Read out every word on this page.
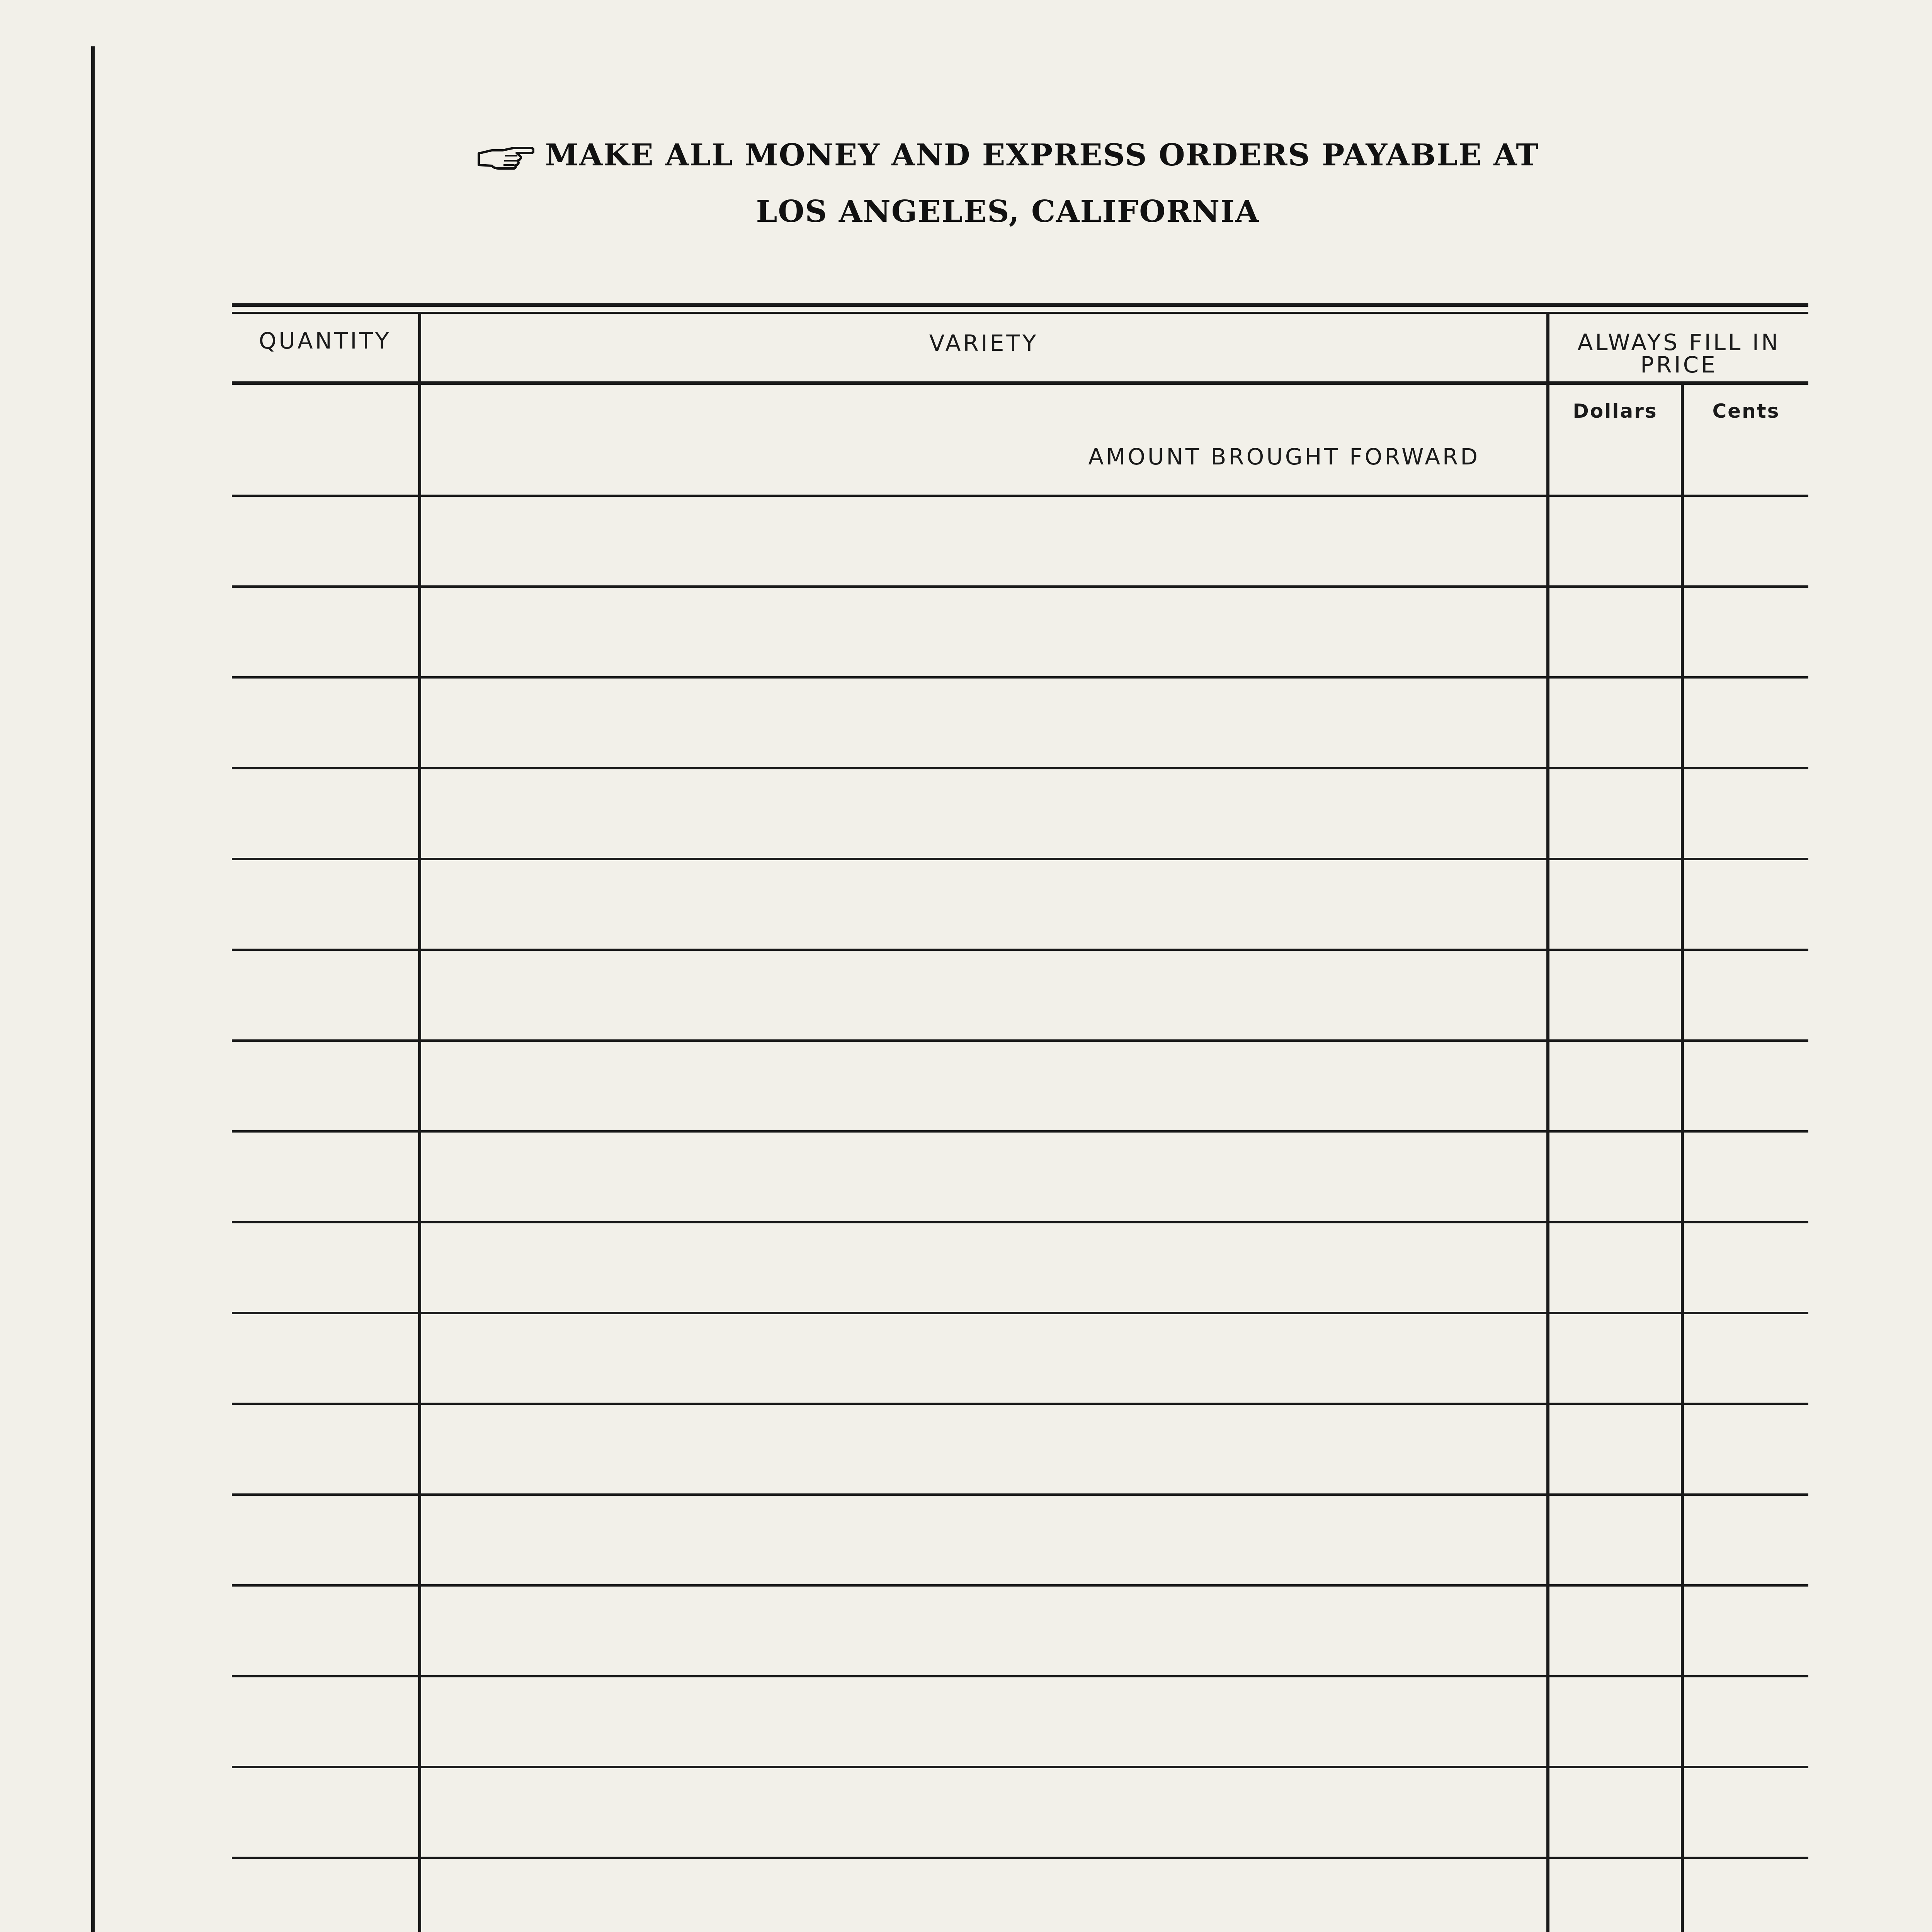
MAKE ALL MONEY AND EXPRESS ORDERS PAYABLE AT
LOS ANGELES, CALIFORNIA
QUANTITY	VARIETY	ALWAYS FILL IN
PRICE
Dollars	Cents
AMOUNT BROUGHT FORWARD
